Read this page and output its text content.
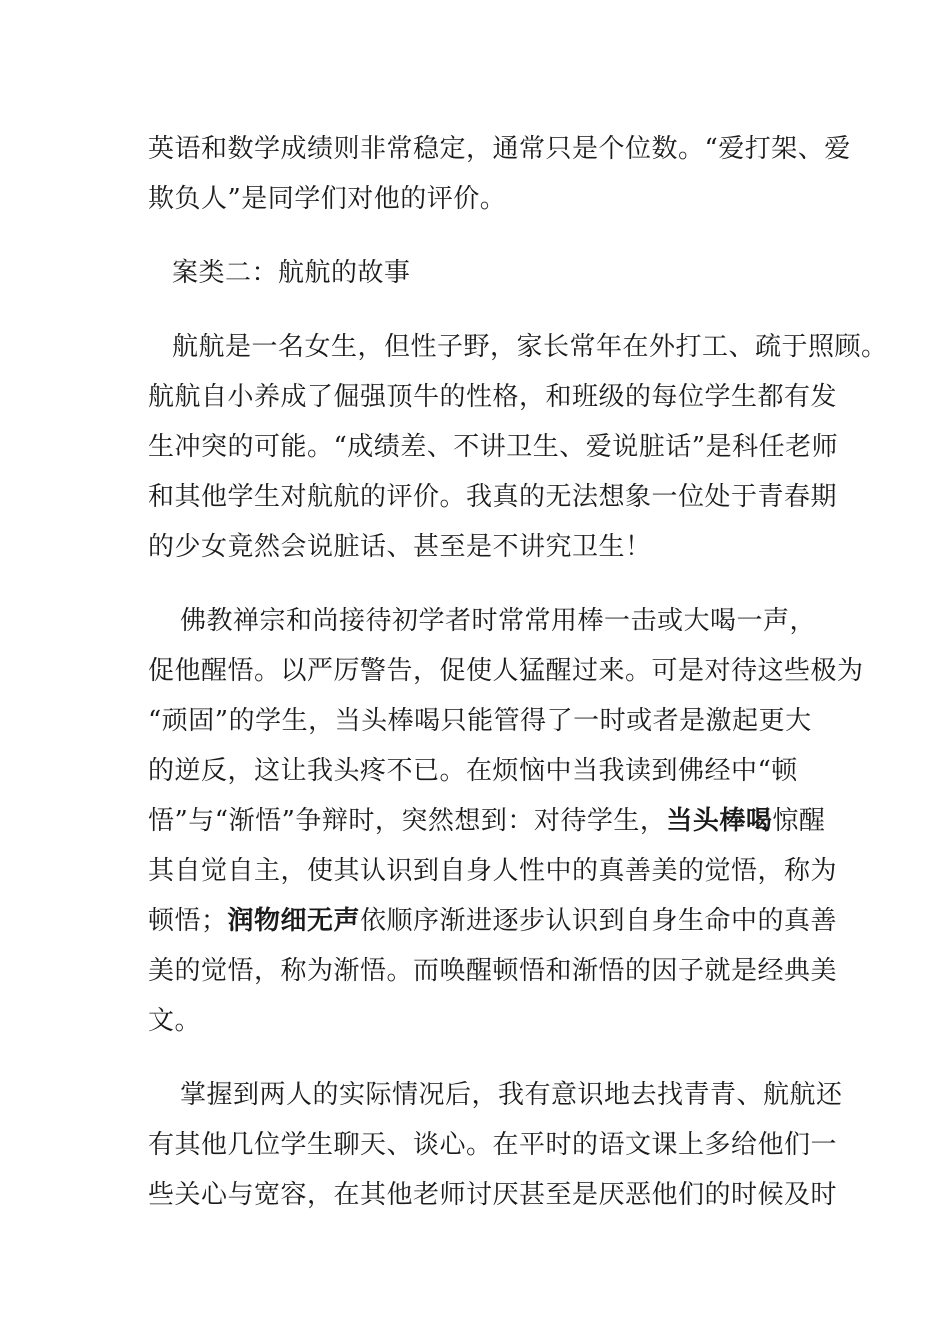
英语和数学成绩则非常稳定，通常只是个位数。“爱打架、爱
欺负人”是同学们对他的评价。
案类二：航航的故事
航航是一名女生，但性子野，家长常年在外打工、疏于照顾。
航航自小养成了倔强顶牛的性格，和班级的每位学生都有发
生冲突的可能。“成绩差、不讲卫生、爱说脏话”是科任老师
和其他学生对航航的评价。我真的无法想象一位处于青春期
的少女竟然会说脏话、甚至是不讲究卫生！
佛教禅宗和尚接待初学者时常常用棒一击或大喝一声，
促他醒悟。以严厉警告，促使人猛醒过来。可是对待这些极为
“顽固”的学生，当头棒喝只能管得了一时或者是激起更大
的逆反，这让我头疼不已。在烦恼中当我读到佛经中“顿
悟”与“渐悟”争辩时，突然想到：对待学生，当头棒喝惊醒
其自觉自主，使其认识到自身人性中的真善美的觉悟，称为
顿悟；润物细无声依顺序渐进逐步认识到自身生命中的真善
美的觉悟，称为渐悟。而唤醒顿悟和渐悟的因子就是经典美
文。
掌握到两人的实际情况后，我有意识地去找青青、航航还
有其他几位学生聊天、谈心。在平时的语文课上多给他们一
些关心与宽容，在其他老师讨厌甚至是厌恶他们的时候及时
